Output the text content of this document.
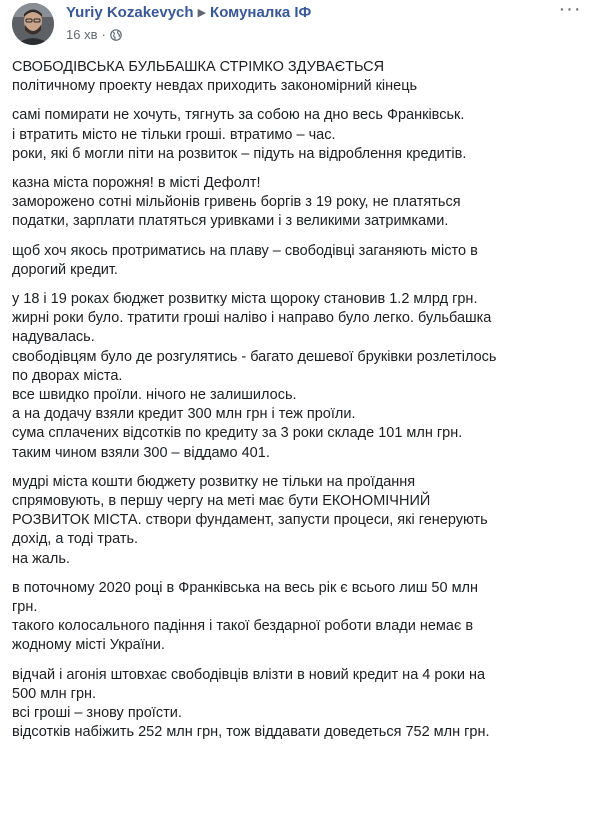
Yuriy Kozakevych ▶ Комуналка ІФ
16 хв ·
···
СВОБОДІВСЬКА БУЛЬБАШКА СТРІМКО ЗДУВАЄТЬСЯ
політичному проекту невдах приходить закономірний кінець
самі помирати не хочуть, тягнуть за собою на дно весь Франківськ.
і втратить місто не тільки гроші. втратимо – час.
роки, які б могли піти на розвиток – підуть на відроблення кредитів.
казна міста порожня! в місті Дефолт!
заморожено сотні мільйонів гривень боргів з 19 року, не платяться
податки, зарплати платяться уривками і з великими затримками.
щоб хоч якось протриматись на плаву – свободівці заганяють місто в
дорогий кредит.
у 18 і 19 роках бюджет розвитку міста щороку становив 1.2 млрд грн.
жирні роки було. тратити гроші наліво і направо було легко. бульбашка
надувалась.
свободівцям було де розгулятись - багато дешевої бруківки розлетілось
по дворах міста.
все швидко проїли. нічого не залишилось.
а на додачу взяли кредит 300 млн грн і теж проїли.
сума сплачених відсотків по кредиту за 3 роки складе 101 млн грн.
таким чином взяли 300 – віддамо 401.
мудрі міста кошти бюджету розвитку не тільки на проїдання
спрямовують, в першу чергу на меті має бути ЕКОНОМІЧНИЙ
РОЗВИТОК МІСТА. створи фундамент, запусти процеси, які генерують
дохід, а тоді трать.
на жаль.
в поточному 2020 році в Франківська на весь рік є всього лиш 50 млн
грн.
такого колосального падіння і такої бездарної роботи влади немає в
жодному місті України.
відчай і агонія штовхає свободівців влізти в новий кредит на 4 роки на
500 млн грн.
всі гроші – знову проїсти.
відсотків набіжить 252 млн грн, тож віддавати доведеться 752 млн грн.
